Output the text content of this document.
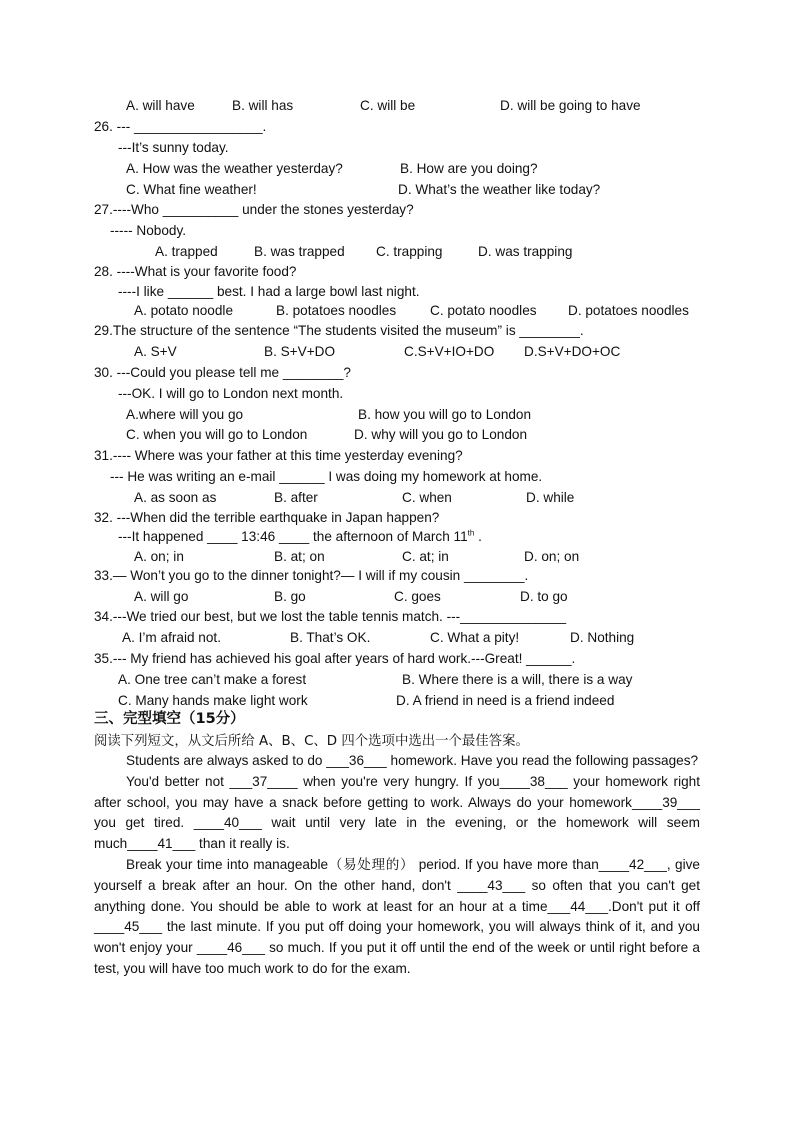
A. will have	B. will has	C. will be	D. will be going to have
26. --- _________________.
---It’s sunny today.
A. How was the weather yesterday?	B. How are you doing?
C. What fine weather!	D. What’s the weather like today?
27.----Who __________ under the stones yesterday?
----- Nobody.
A. trapped	B. was trapped C. trapping	D. was trapping
28. ----What is your favorite food?
----I like ______ best. I had a large bowl last night.
A. potato noodle	B. potatoes noodles C. potato noodles D. potatoes noodles
29.The structure of the sentence “The students visited the museum” is ________.
A. S+V	B. S+V+DO	C.S+V+IO+DO D.S+V+DO+OC
30. ---Could you please tell me ________?
---OK. I will go to London next month.
A.where will you go	B. how you will go to London
C. when you will go to London	D. why will you go to London
31.---- Where was your father at this time yesterday evening?
--- He was writing an e-mail ______ I was doing my homework at home.
A. as soon as	B. after	C. when	D. while
32. ---When did the terrible earthquake in Japan happen?
---It happened ____ 13:46 ____ the afternoon of March 11th .
A. on; in	B. at; on	C. at; in	D. on; on
33.— Won’t you go to the dinner tonight?— I will if my cousin ________.
A. will go	B. go	C. goes	D. to go
34.---We tried our best, but we lost the table tennis match. ---______________
A. I’m afraid not.	B. That’s OK.	C. What a pity!	D. Nothing
35.--- My friend has achieved his goal after years of hard work.---Great! ______.
A. One tree can’t make a forest	B. Where there is a will, there is a way
C. Many hands make light work	D. A friend in need is a friend indeed
三、完型填空（15分）
阅读下列短文，从文后所给 A、B、C、D 四个选项中选出一个最佳答案。

Students are always asked to do ___36___ homework. Have you read the following passages?

You'd better not ___37____ when you're very hungry. If you____38___ your homework right after school, you may have a snack before getting to work. Always do your homework____39___ you get tired. ____40___ wait until very late in the evening, or the homework will seem much____41___ than it really is.

Break your time into manageable（易处理的） period. If you have more than____42___, give yourself a break after an hour. On the other hand, don't ____43___ so often that you can't get anything done. You should be able to work at least for an hour at a time___44___.Don't put it off ____45___ the last minute. If you put off doing your homework, you will always think of it, and you won't enjoy your ____46___ so much. If you put it off until the end of the week or until right before a test, you will have too much work to do for the exam.
